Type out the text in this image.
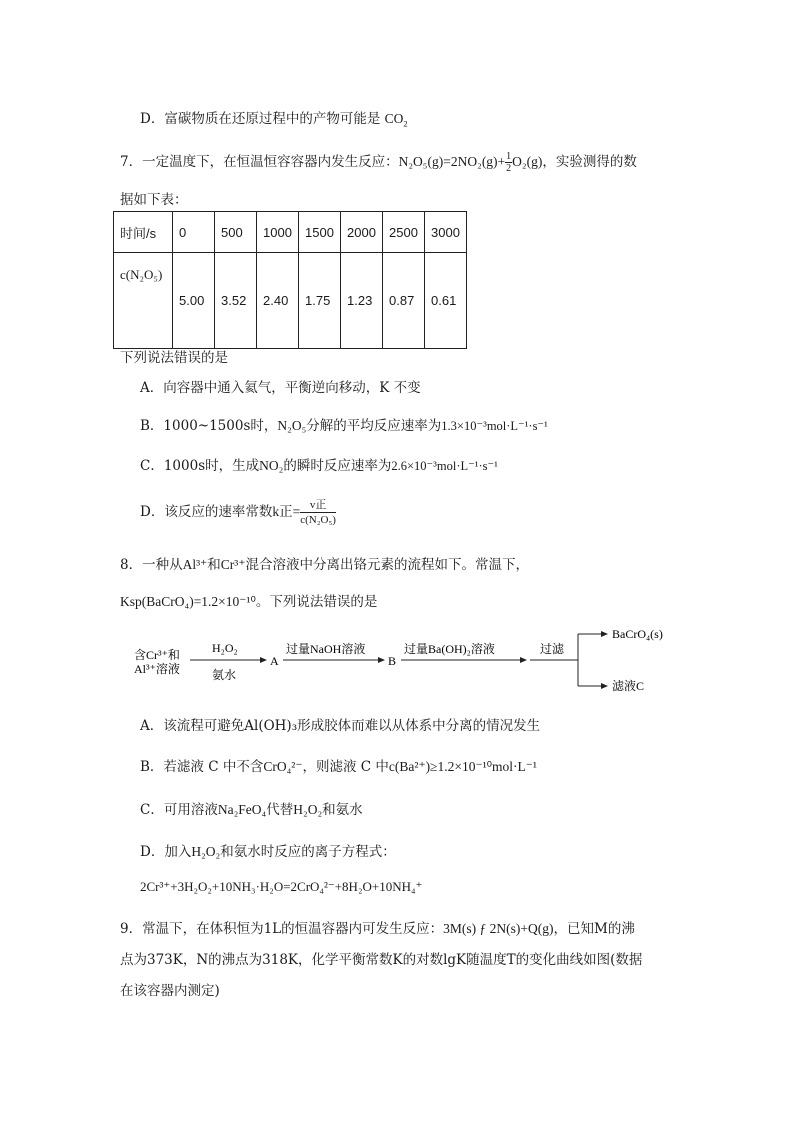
D．富碳物质在还原过程中的产物可能是 $CO_2$
7．一定温度下，在恒温恒容容器内发生反应：$N_2O_5(g)=2NO_2(g)+ \frac{1}{2} O_2(g)$，实验测得的数
据如下表：
时间/s	0	500	1000	1500	2000	2500	3000
c(N₂O₅)	5.00	3.52	2.40	1.75	1.23	0.87	0.61
下列说法错误的是
A．向容器中通入氦气，平衡逆向移动，K 不变
B．1000~1500s时，N₂O₅分解的平均反应速率为1.3×10⁻³mol·L⁻¹·s⁻¹
C．1000s时，生成NO₂的瞬时反应速率为2.6×10⁻³mol·L⁻¹·s⁻¹
D．该反应的速率常数k正= $\frac{\text{v正}}{\text{c(N₂O₅)}}$
8．一种从Al³⁺和Cr³⁺混合溶液中分离出铬元素的流程如下。常温下，
Ksp(BaCrO₄)=1.2×10⁻¹⁰。下列说法错误的是
含Cr³⁺和
Al³⁺溶液
H₂O₂
氨水
A
过量NaOH溶液
B
过量Ba(OH)₂溶液	过滤
BaCrO₄(s)
滤液C
A．该流程可避免Al(OH)₃形成胶体而难以从体系中分离的情况发生
B．若滤液 C 中不含CrO₄²⁻，则滤液 C 中c(Ba²⁺)≥1.2×10⁻¹⁰mol·L⁻¹
C．可用溶液Na₂FeO₄代替H₂O₂和氨水
D．加入H₂O₂和氨水时反应的离子方程式：
2Cr³⁺+3H₂O₂+10NH₃·H₂O=2CrO₄²⁻+8H₂O+10NH₄⁺
9．常温下，在体积恒为1L的恒温容器内可发生反应：3M(s) ƒ 2N(s)+Q(g)，已知M的沸
点为373K，N的沸点为318K，化学平衡常数K的对数lgK随温度T的变化曲线如图(数据
在该容器内测定)
